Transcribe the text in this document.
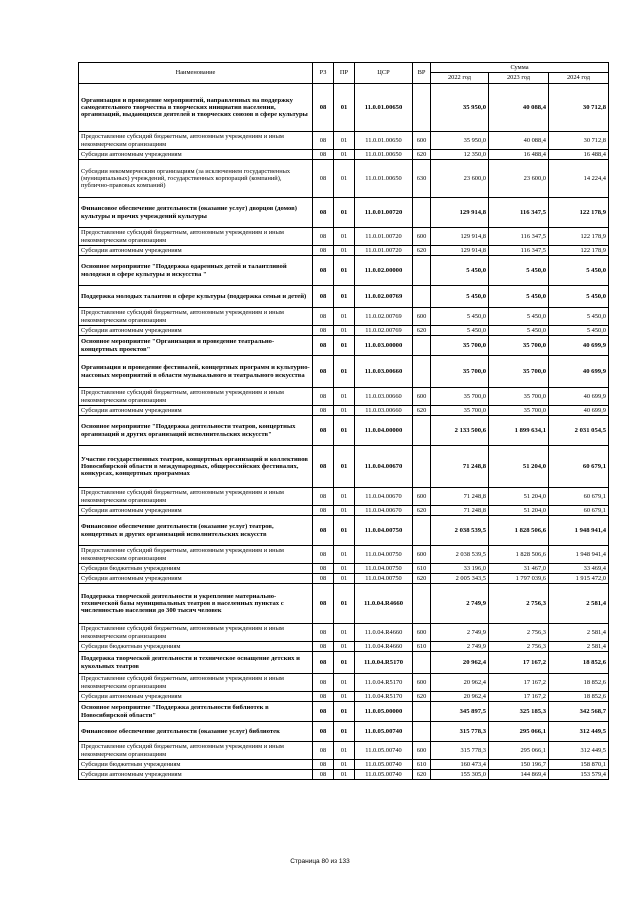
Наименование	РЗ	ПР	ЦСР	ВР	Сумма		
					2022 год	2023 год	2024 год
Организация и проведение мероприятий, направленных на поддержку самодеятельного творчества в творческих инициатив населения, организаций, выдающихся деятелей и творческих союзов в сфере культуры	08	01	11.0.01.00650		35 950,0	40 088,4	30 712,8
Предоставление субсидий бюджетным, автономным учреждениям и иным некоммерческим организациям	08	01	11.0.01.00650	600	35 950,0	40 088,4	30 712,8
Субсидии автономным учреждениям	08	01	11.0.01.00650	620	12 350,0	16 488,4	16 488,4
Субсидии некоммерческим организациям (за исключением государственных (муниципальных) учреждений, государственных корпораций (компаний), публично-правовых компаний)	08	01	11.0.01.00650	630	23 600,0	23 600,0	14 224,4
Финансовое обеспечение деятельности (оказание услуг) дворцов (домов) культуры и прочих учреждений культуры	08	01	11.0.01.00720		129 914,8	116 347,5	122 178,9
Предоставление субсидий бюджетным, автономным учреждениям и иным некоммерческим организациям	08	01	11.0.01.00720	600	129 914,8	116 347,5	122 178,9
Субсидии автономным учреждениям	08	01	11.0.01.00720	620	129 914,8	116 347,5	122 178,9
Основное мероприятие "Поддержка одаренных детей и талантливой молодежи в сфере культуры и искусства "	08	01	11.0.02.00000		5 450,0	5 450,0	5 450,0
Поддержка молодых талантов в сфере культуры (поддержка семьи и детей)	08	01	11.0.02.00769		5 450,0	5 450,0	5 450,0
Предоставление субсидий бюджетным, автономным учреждениям и иным некоммерческим организациям	08	01	11.0.02.00769	600	5 450,0	5 450,0	5 450,0
Субсидии автономным учреждениям	08	01	11.0.02.00769	620	5 450,0	5 450,0	5 450,0
Основное мероприятие "Организация и проведение театрально-концертных проектов"	08	01	11.0.03.00000		35 700,0	35 700,0	40 699,9
Организация и проведение фестивалей, концертных программ и культурно- массовых мероприятий в области музыкального и театрального искусства	08	01	11.0.03.00660		35 700,0	35 700,0	40 699,9
Предоставление субсидий бюджетным, автономным учреждениям и иным некоммерческим организациям	08	01	11.0.03.00660	600	35 700,0	35 700,0	40 699,9
Субсидии автономным учреждениям	08	01	11.0.03.00660	620	35 700,0	35 700,0	40 699,9
Основное мероприятие "Поддержка деятельности театров, концертных организаций и других организаций исполнительских искусств"	08	01	11.0.04.00000		2 133 500,6	1 899 634,1	2 031 054,5
Участие государственных театров, концертных организаций и коллективов Новосибирской области в международных, общероссийских фестивалях, конкурсах, концертных программах	08	01	11.0.04.00670		71 248,8	51 204,0	60 679,1
Предоставление субсидий бюджетным, автономным учреждениям и иным некоммерческим организациям	08	01	11.0.04.00670	600	71 248,8	51 204,0	60 679,1
Субсидии автономным учреждениям	08	01	11.0.04.00670	620	71 248,8	51 204,0	60 679,1
Финансовое обеспечение деятельности (оказание услуг) театров, концертных и других организаций исполнительских искусств	08	01	11.0.04.00750		2 038 539,5	1 828 506,6	1 948 941,4
Предоставление субсидий бюджетным, автономным учреждениям и иным некоммерческим организациям	08	01	11.0.04.00750	600	2 038 539,5	1 828 506,6	1 948 941,4
Субсидии бюджетным учреждениям	08	01	11.0.04.00750	610	33 196,0	31 467,0	33 469,4
Субсидии автономным учреждениям	08	01	11.0.04.00750	620	2 005 343,5	1 797 039,6	1 915 472,0
Поддержка творческой деятельности и укрепление материально-технической базы муниципальных театров в населенных пунктах с численностью населения до 300 тысяч человек	08	01	11.0.04.R4660		2 749,9	2 756,3	2 581,4
Предоставление субсидий бюджетным, автономным учреждениям и иным некоммерческим организациям	08	01	11.0.04.R4660	600	2 749,9	2 756,3	2 581,4
Субсидии бюджетным учреждениям	08	01	11.0.04.R4660	610	2 749,9	2 756,3	2 581,4
Поддержка творческой деятельности и техническое оснащение детских и кукольных театров	08	01	11.0.04.R5170		20 962,4	17 167,2	18 852,6
Предоставление субсидий бюджетным, автономным учреждениям и иным некоммерческим организациям	08	01	11.0.04.R5170	600	20 962,4	17 167,2	18 852,6
Субсидии автономным учреждениям	08	01	11.0.04.R5170	620	20 962,4	17 167,2	18 852,6
Основное мероприятие "Поддержка деятельности библиотек в Новосибирской области"	08	01	11.0.05.00000		345 897,5	325 185,3	342 568,7
Финансовое обеспечение деятельности (оказание услуг) библиотек	08	01	11.0.05.00740		315 778,3	295 066,1	312 449,5
Предоставление субсидий бюджетным, автономным учреждениям и иным некоммерческим организациям	08	01	11.0.05.00740	600	315 778,3	295 066,1	312 449,5
Субсидии бюджетным учреждениям	08	01	11.0.05.00740	610	160 473,4	150 196,7	158 870,1
Субсидии автономным учреждениям	08	01	11.0.05.00740	620	155 305,0	144 869,4	153 579,4
Страница 80 из 133
